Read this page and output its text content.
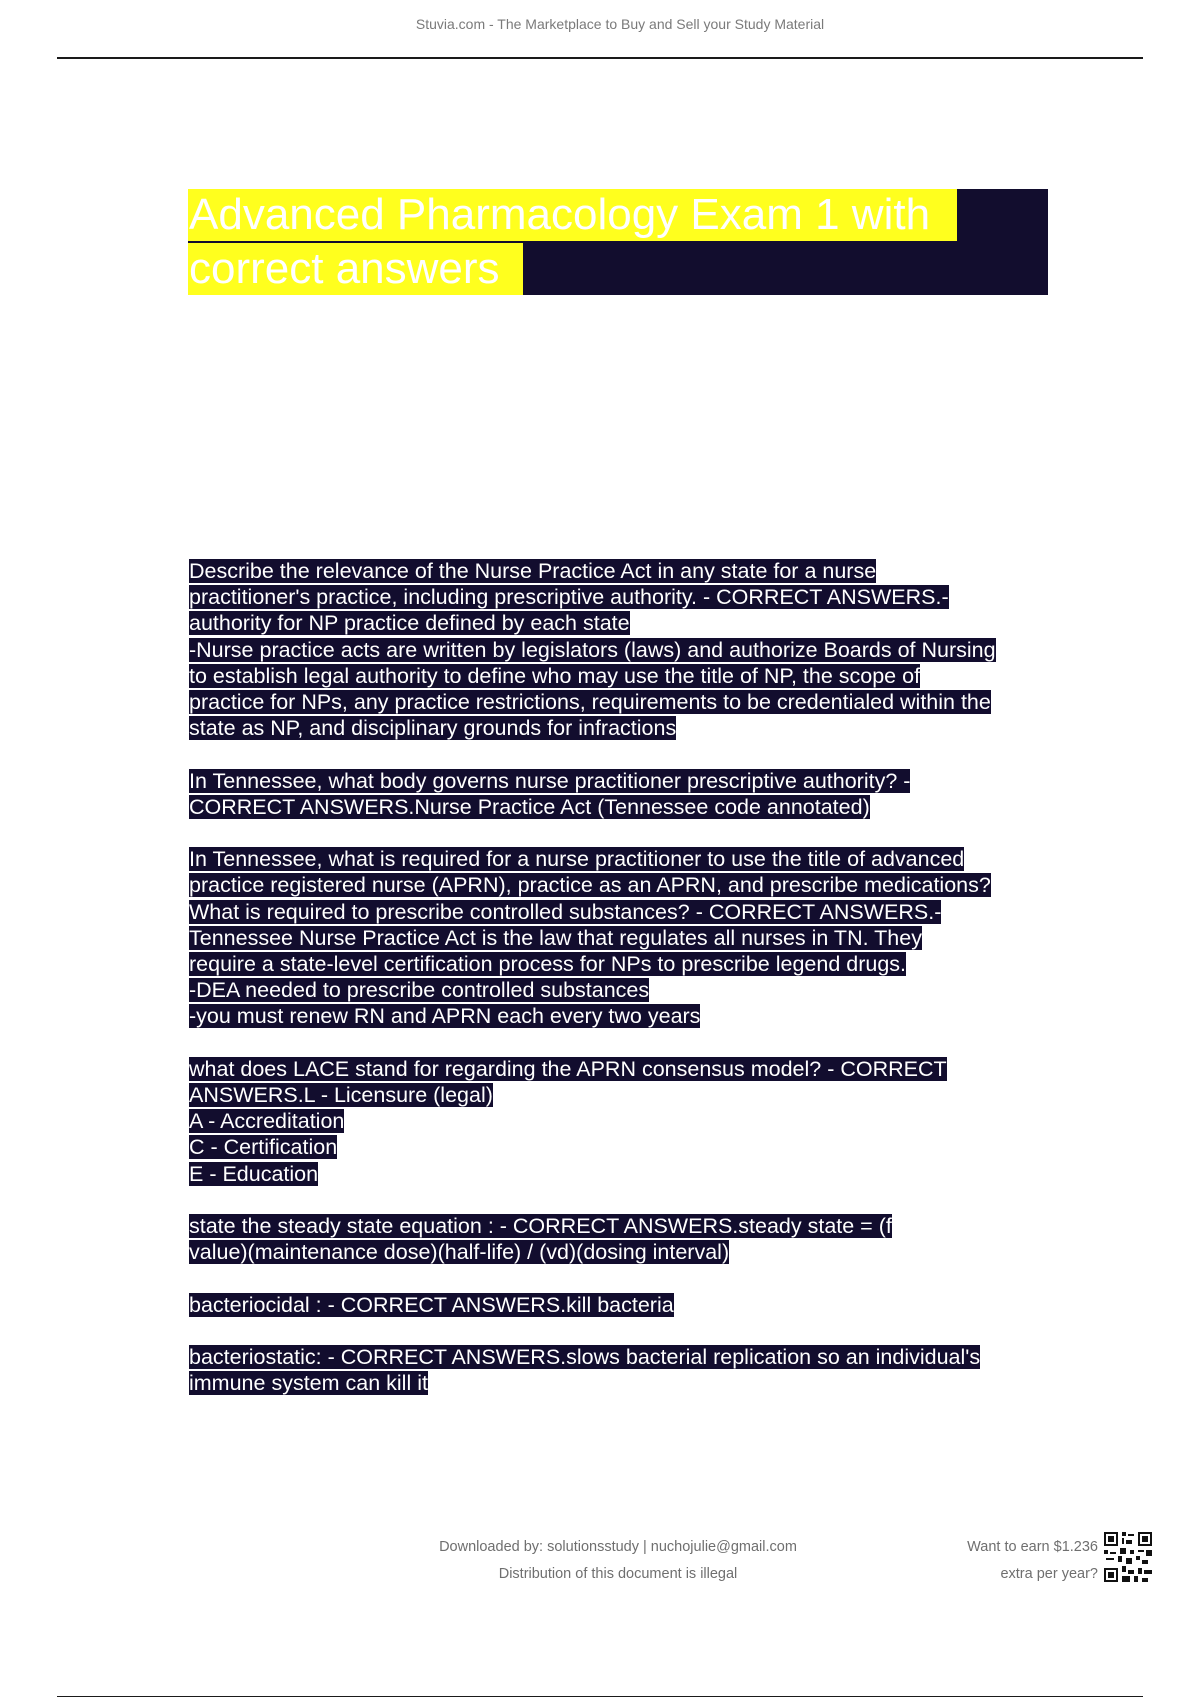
Stuvia.com - The Marketplace to Buy and Sell your Study Material
Advanced Pharmacology Exam 1 with
correct answers
Describe the relevance of the Nurse Practice Act in any state for a nurse
practitioner's practice, including prescriptive authority. - CORRECT ANSWERS.-
authority for NP practice defined by each state
-Nurse practice acts are written by legislators (laws) and authorize Boards of Nursing
to establish legal authority to define who may use the title of NP, the scope of
practice for NPs, any practice restrictions, requirements to be credentialed within the
state as NP, and disciplinary grounds for infractions
In Tennessee, what body governs nurse practitioner prescriptive authority? -
CORRECT ANSWERS.Nurse Practice Act (Tennessee code annotated)
In Tennessee, what is required for a nurse practitioner to use the title of advanced
practice registered nurse (APRN), practice as an APRN, and prescribe medications?
What is required to prescribe controlled substances? - CORRECT ANSWERS.-
Tennessee Nurse Practice Act is the law that regulates all nurses in TN. They
require a state-level certification process for NPs to prescribe legend drugs.
-DEA needed to prescribe controlled substances
-you must renew RN and APRN each every two years
what does LACE stand for regarding the APRN consensus model? - CORRECT
ANSWERS.L - Licensure (legal)
A - Accreditation
C - Certification
E - Education
state the steady state equation : - CORRECT ANSWERS.steady state = (f
value)(maintenance dose)(half-life) / (vd)(dosing interval)
bacteriocidal : - CORRECT ANSWERS.kill bacteria
bacteriostatic: - CORRECT ANSWERS.slows bacterial replication so an individual's
immune system can kill it
Downloaded by: solutionsstudy | nuchojulie@gmail.com
Distribution of this document is illegal
Want to earn $1.236
extra per year?
